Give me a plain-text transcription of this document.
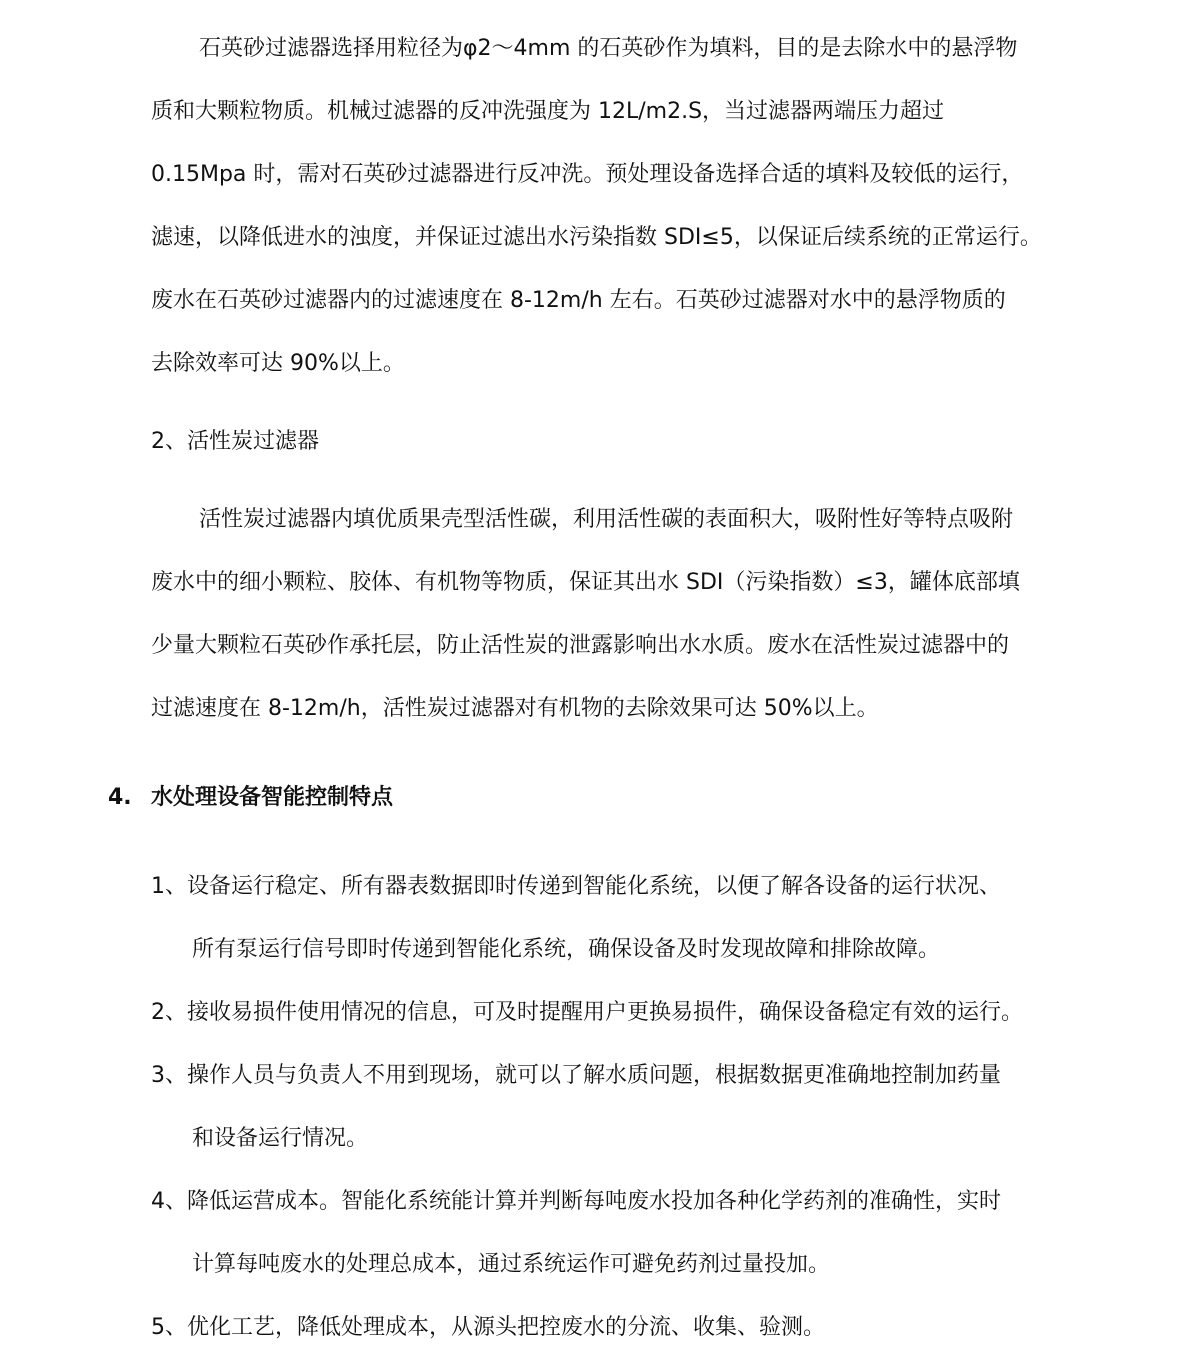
石英砂过滤器选择用粒径为φ2～4mm 的石英砂作为填料，目的是去除水中的悬浮物
质和大颗粒物质。机械过滤器的反冲洗强度为 12L/m2.S，当过滤器两端压力超过
0.15Mpa 时，需对石英砂过滤器进行反冲洗。预处理设备选择合适的填料及较低的运行，
滤速，以降低进水的浊度，并保证过滤出水污染指数 SDI≤5，以保证后续系统的正常运行。
废水在石英砂过滤器内的过滤速度在 8-12m/h 左右。石英砂过滤器对水中的悬浮物质的
去除效率可达 90%以上。
2、活性炭过滤器
活性炭过滤器内填优质果壳型活性碳，利用活性碳的表面积大，吸附性好等特点吸附
废水中的细小颗粒、胶体、有机物等物质，保证其出水 SDI（污染指数）≤3，罐体底部填
少量大颗粒石英砂作承托层，防止活性炭的泄露影响出水水质。废水在活性炭过滤器中的
过滤速度在 8-12m/h，活性炭过滤器对有机物的去除效果可达 50%以上。
4. 水处理设备智能控制特点
1、设备运行稳定、所有器表数据即时传递到智能化系统，以便了解各设备的运行状况、
所有泵运行信号即时传递到智能化系统，确保设备及时发现故障和排除故障。
2、接收易损件使用情况的信息，可及时提醒用户更换易损件，确保设备稳定有效的运行。
3、操作人员与负责人不用到现场，就可以了解水质问题，根据数据更准确地控制加药量
和设备运行情况。
4、降低运营成本。智能化系统能计算并判断每吨废水投加各种化学药剂的准确性，实时
计算每吨废水的处理总成本，通过系统运作可避免药剂过量投加。
5、优化工艺，降低处理成本，从源头把控废水的分流、收集、验测。
